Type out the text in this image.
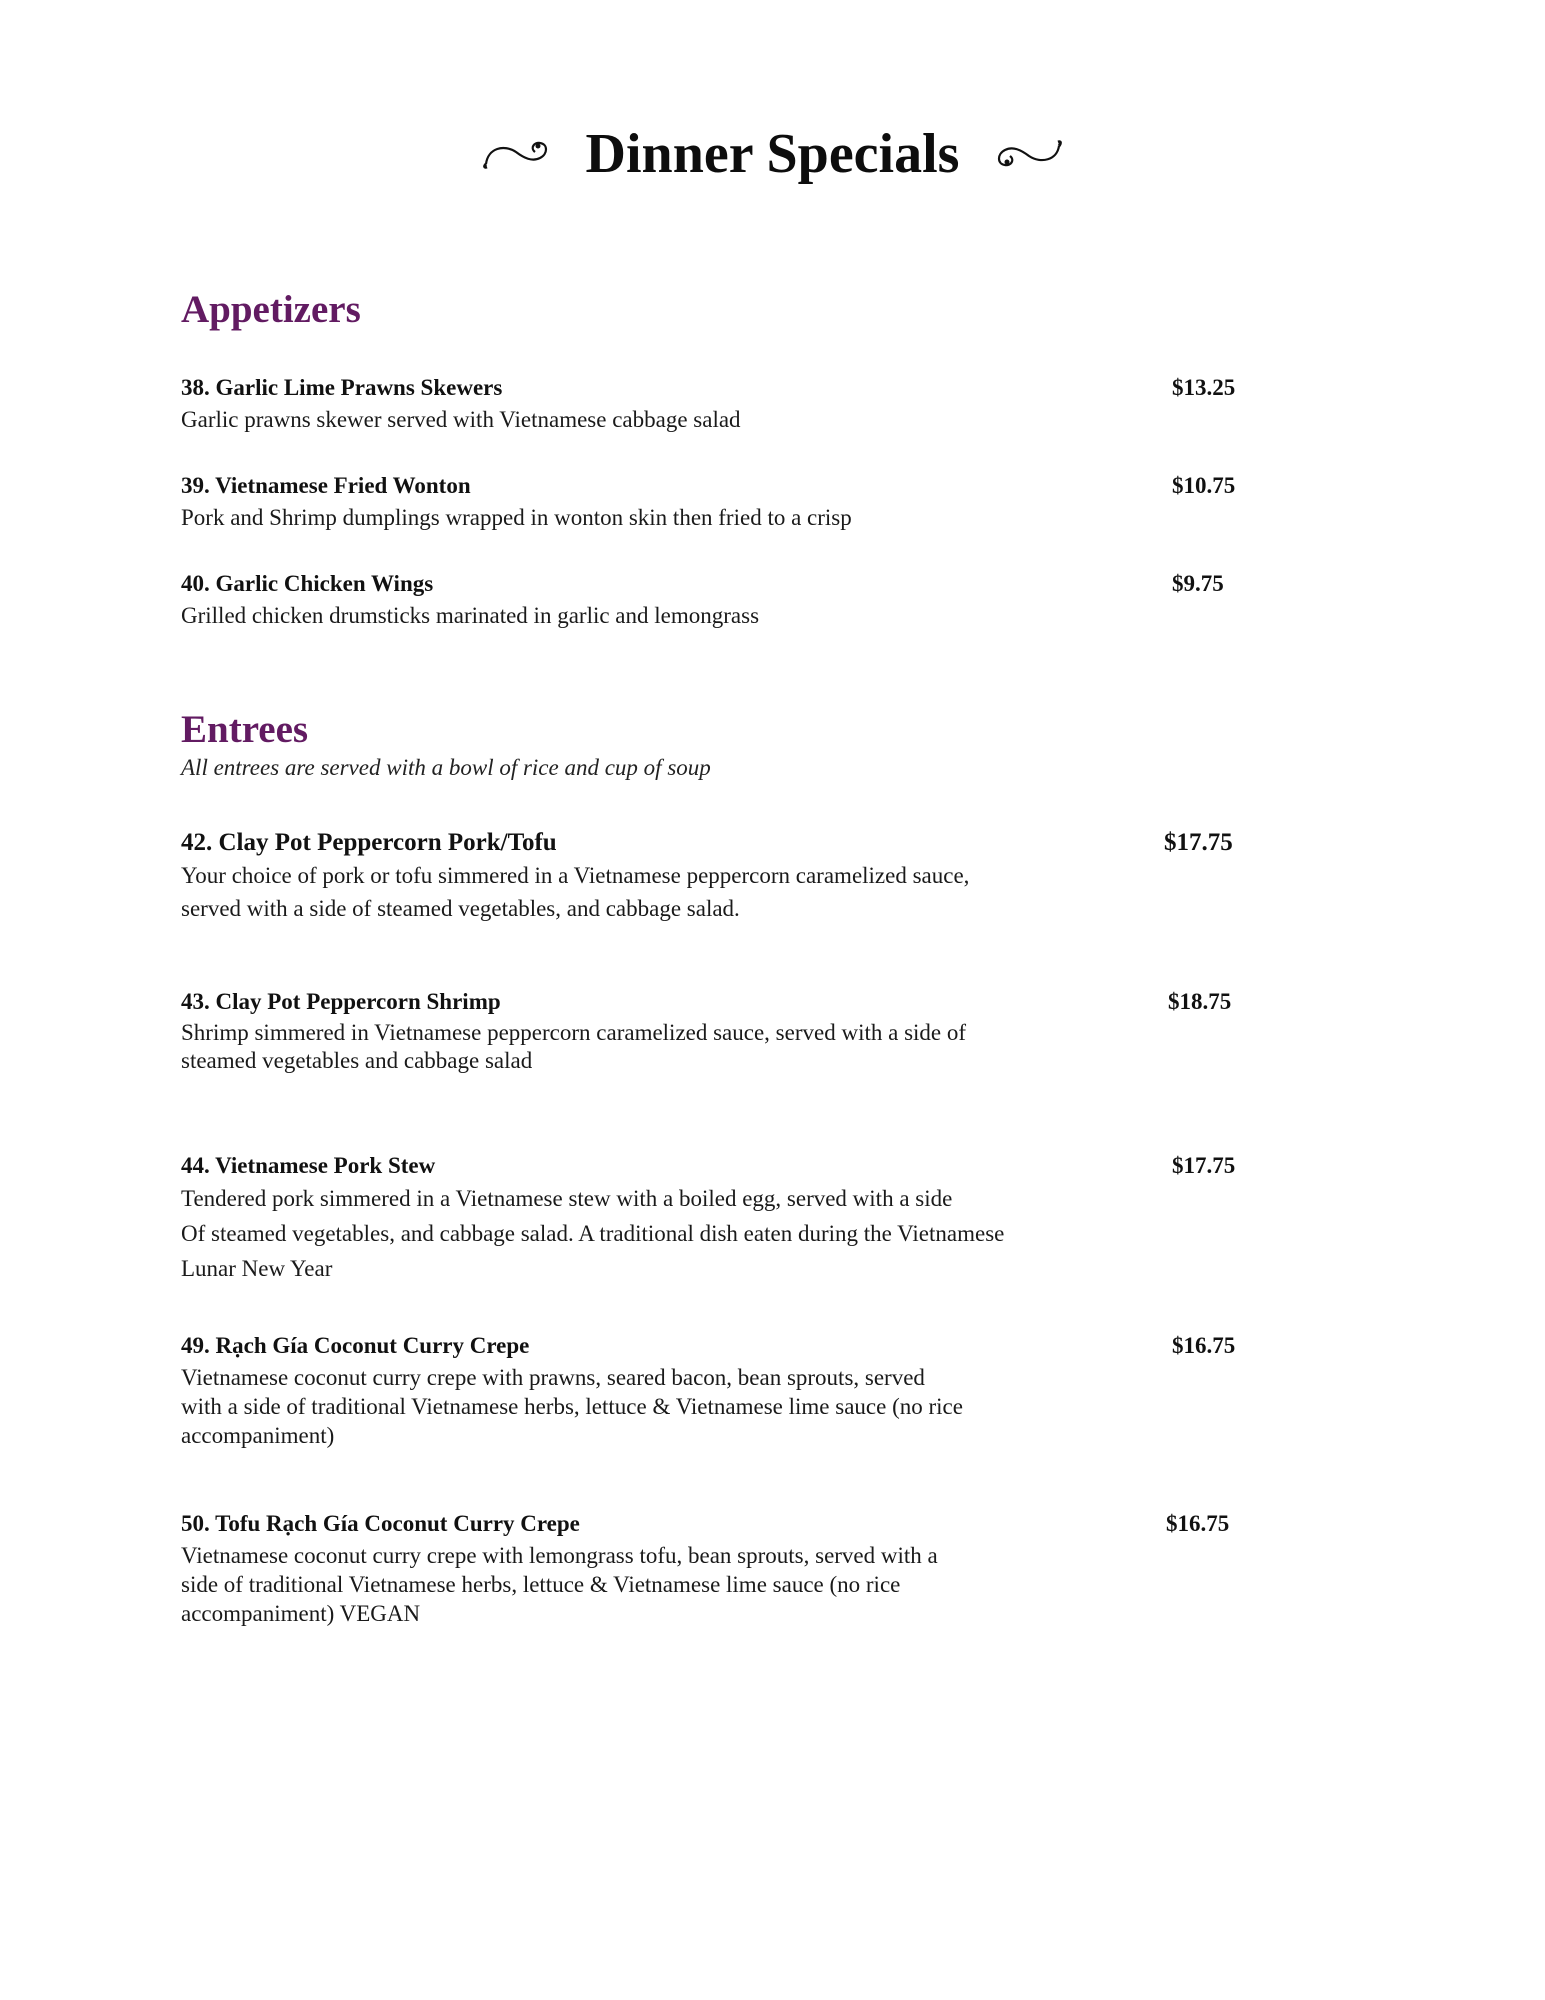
Dinner Specials
Appetizers
38. Garlic Lime Prawns Skewers	$13.25
Garlic prawns skewer served with Vietnamese cabbage salad
39. Vietnamese Fried Wonton	$10.75
Pork and Shrimp dumplings wrapped in wonton skin then fried to a crisp
40. Garlic Chicken Wings	$9.75
Grilled chicken drumsticks marinated in garlic and lemongrass
Entrees
All entrees are served with a bowl of rice and cup of soup
42. Clay Pot Peppercorn Pork/Tofu	$17.75
Your choice of pork or tofu simmered in a Vietnamese peppercorn caramelized sauce,
served with a side of steamed vegetables, and cabbage salad.
43. Clay Pot Peppercorn Shrimp	$18.75
Shrimp simmered in Vietnamese peppercorn caramelized sauce, served with a side of
steamed vegetables and cabbage salad
44. Vietnamese Pork Stew	$17.75
Tendered pork simmered in a Vietnamese stew with a boiled egg, served with a side
Of steamed vegetables, and cabbage salad. A traditional dish eaten during the Vietnamese
Lunar New Year
49. Rạch Gía Coconut Curry Crepe	$16.75
Vietnamese coconut curry crepe with prawns, seared bacon, bean sprouts, served
with a side of traditional Vietnamese herbs, lettuce & Vietnamese lime sauce (no rice
accompaniment)
50. Tofu Rạch Gía Coconut Curry Crepe	$16.75
Vietnamese coconut curry crepe with lemongrass tofu, bean sprouts, served with a
side of traditional Vietnamese herbs, lettuce & Vietnamese lime sauce (no rice
accompaniment) VEGAN
